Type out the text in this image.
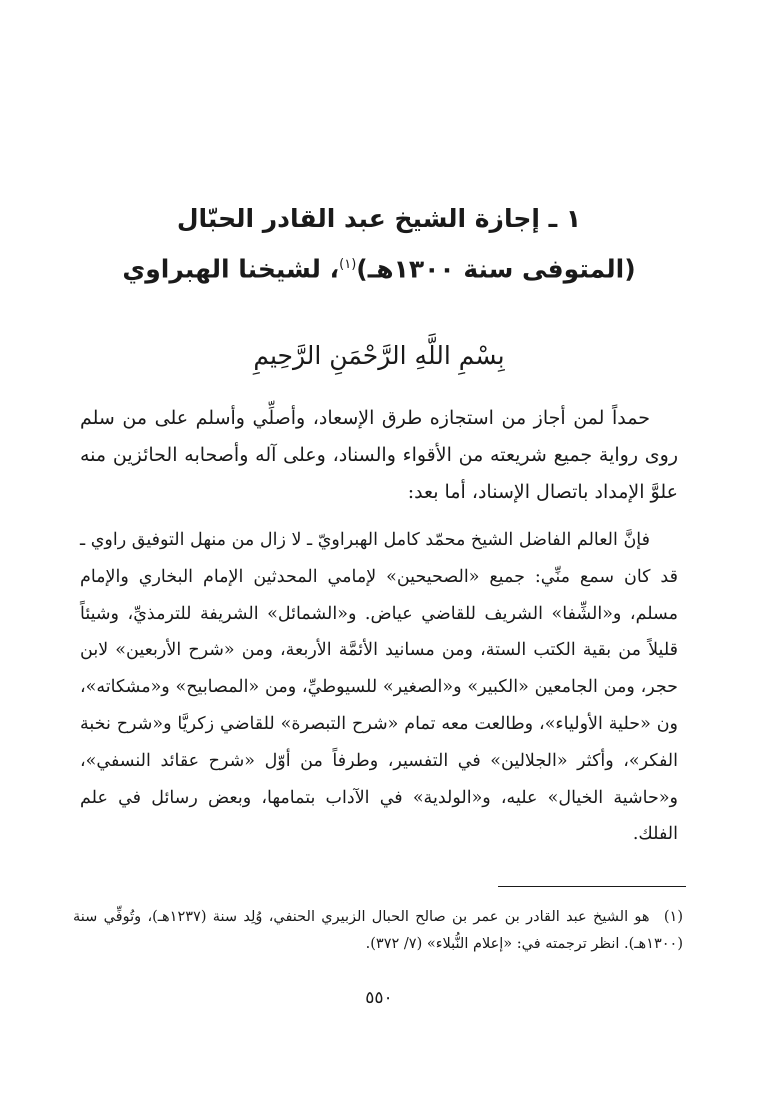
١ ـ إجازة الشيخ عبد القادر الحبّال
(المتوفى سنة ١٣٠٠هـ)$^{(١)}$، لشيخنا الهبراوي
بِسْمِ اللَّهِ الرَّحْمَنِ الرَّحِيمِ

حمداً لمن أجاز من استجازه طرق الإسعاد، وأصلِّي وأسلم على من سلم روى رواية جميع شريعته من الأقواء والسناد، وعلى آله وأصحابه الحائزين منه علوَّ الإمداد باتصال الإسناد، أما بعد:

فإنَّ العالم الفاضل الشيخ محمّد كامل الهبراويّ ـ لا زال من منهل التوفيق راوي ـ قد كان سمع منِّي: جميع «الصحيحين» لإمامي المحدثين الإمام البخاري والإمام مسلم، و«الشِّفا» الشريف للقاضي عياض. و«الشمائل» الشريفة للترمذيِّ، وشيئاً قليلاً من بقية الكتب الستة، ومن مسانيد الأئمَّة الأربعة، ومن «شرح الأربعين» لابن حجر، ومن الجامعين «الكبير» و«الصغير» للسيوطيِّ، ومن «المصابيح» و«مشكاته»، ون «حلية الأولياء»، وطالعت معه تمام «شرح التبصرة» للقاضي زكريَّا و«شرح نخبة الفكر»، وأكثر «الجلالين» في التفسير، وطرفاً من أوّل «شرح عقائد النسفي»، و«حاشية الخيال» عليه، و«الولدية» في الآداب بتمامها، وبعض رسائل في علم الفلك.

(١) هو الشيخ عبد القادر بن عمر بن صالح الحبال الزبيري الحنفي، وُلِد سنة (١٢٣٧هـ)، وتُوفِّي سنة (١٣٠٠هـ). انظر ترجمته في: «إعلام النُّبلاء» (٧/ ٣٧٢).

٥٥٠
